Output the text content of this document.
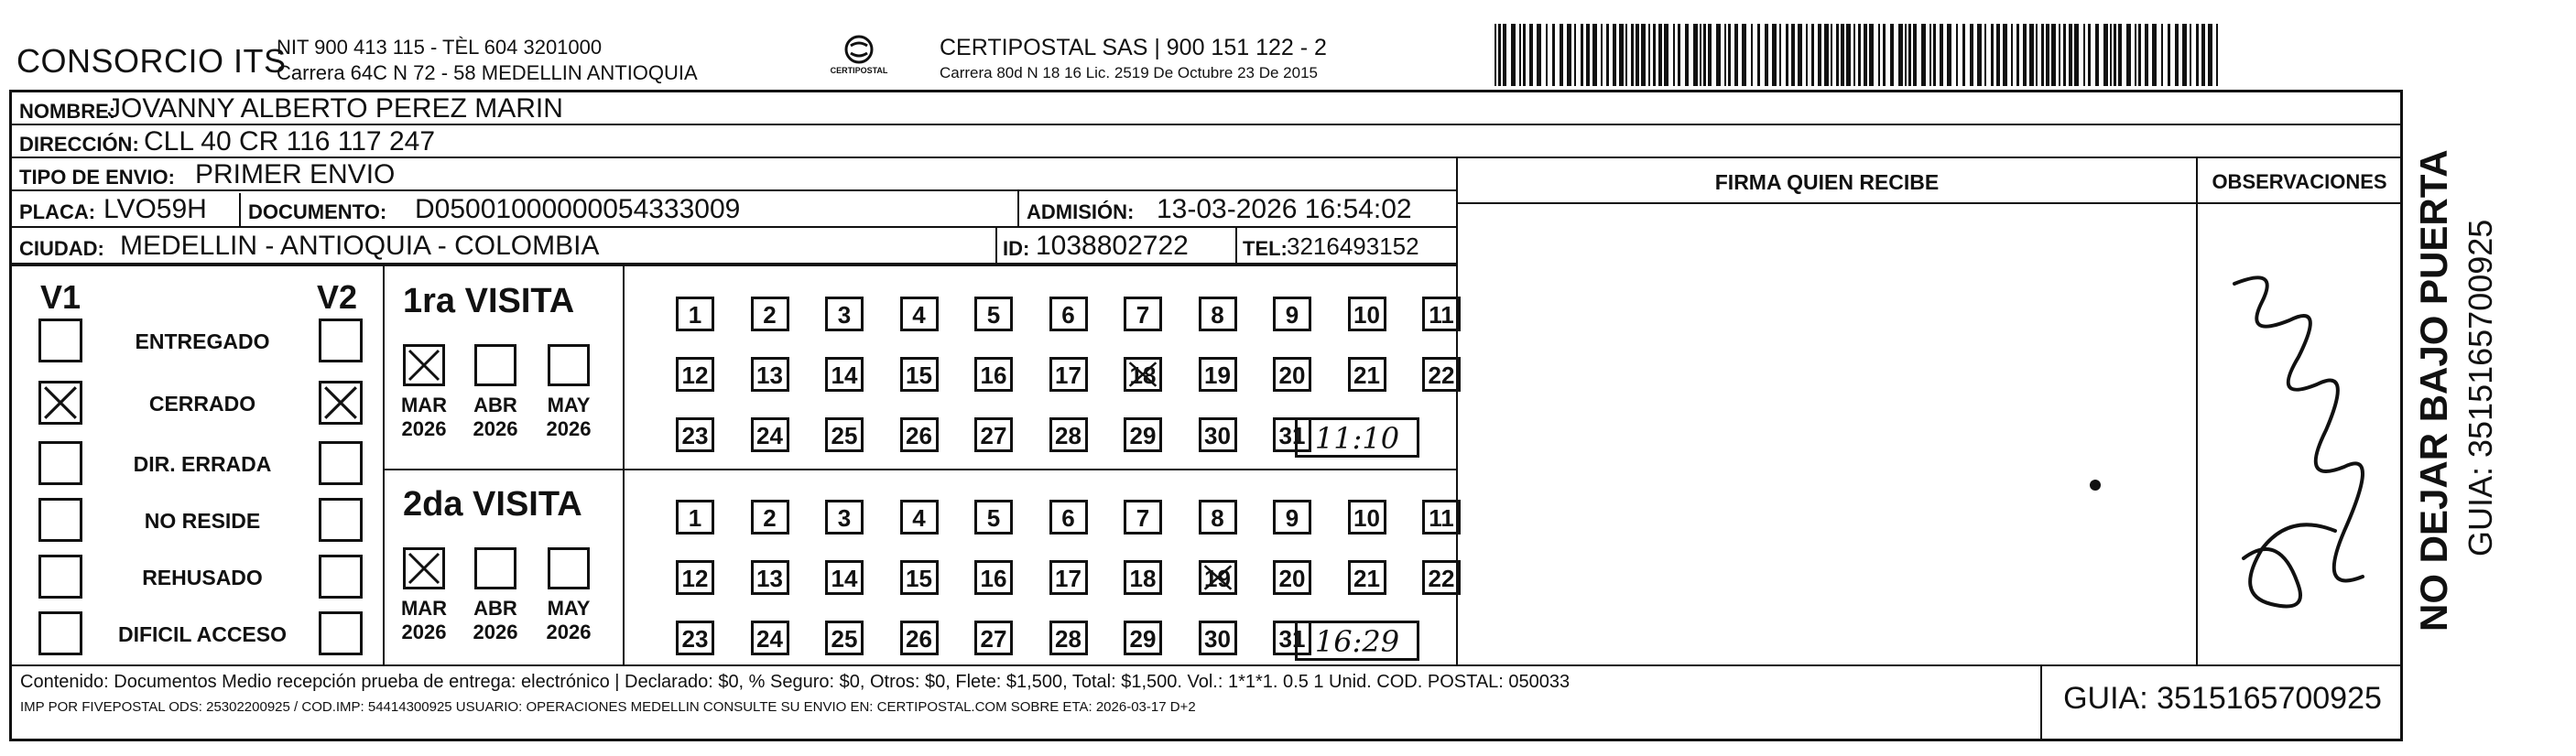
CONSORCIO ITS
NIT 900 413 115 - TÈL 604 3201000
Carrera 64C N 72 - 58 MEDELLIN ANTIOQUIA	CERTIPOSTAL
CERTIPOSTAL SAS | 900 151 122 - 2
Carrera 80d N 18 16 Lic. 2519 De Octubre 23 De 2015
NOMBRE:
JOVANNY ALBERTO PEREZ MARIN
DIRECCIÓN: CLL 40 CR 116 117 247
TIPO DE ENVIO: PRIMER ENVIO
PLACA: LVO59H DOCUMENTO: D05001000000054333009	ADMISIÓN: 13-03-2026 16:54:02
CIUDAD: MEDELLIN - ANTIOQUIA - COLOMBIA	ID: 1038802722	TEL: 3216493152
FIRMA QUIEN RECIBE	OBSERVACIONES
V1	V2
ENTREGADO
CERRADO
DIR. ERRADA
NO RESIDE
REHUSADO
DIFICIL ACCESO
1ra VISITA
MAR
2026
ABR
2026
MAY
2026
1	2	3	4	5	6	7	8	9	10 11
12 13 14 15 16 17 18 19 20 21 22
23 24 25 26 27 28 29 30 31 11:10
2da VISITA
MAR
2026
ABR
2026
MAY
2026
1	2	3	4	5	6	7	8	9	10 11
12 13 14 15 16 17 18 19 20 21 22
23 24 25 26 27 28 29 30 31 16:29
Contenido: Documentos Medio recepción prueba de entrega: electrónico | Declarado: $0, % Seguro: $0, Otros: $0, Flete: $1,500, Total: $1,500. Vol.: 1*1*1. 0.5 1 Unid. COD. POSTAL: 050033
IMP POR FIVEPOSTAL ODS: 25302200925 / COD.IMP: 54414300925 USUARIO: OPERACIONES MEDELLIN CONSULTE SU ENVIO EN: CERTIPOSTAL.COM SOBRE ETA: 2026-03-17 D+2	GUIA: 3515165700925
NO DEJAR BAJO PUERTA GUIA: 3515165700925
